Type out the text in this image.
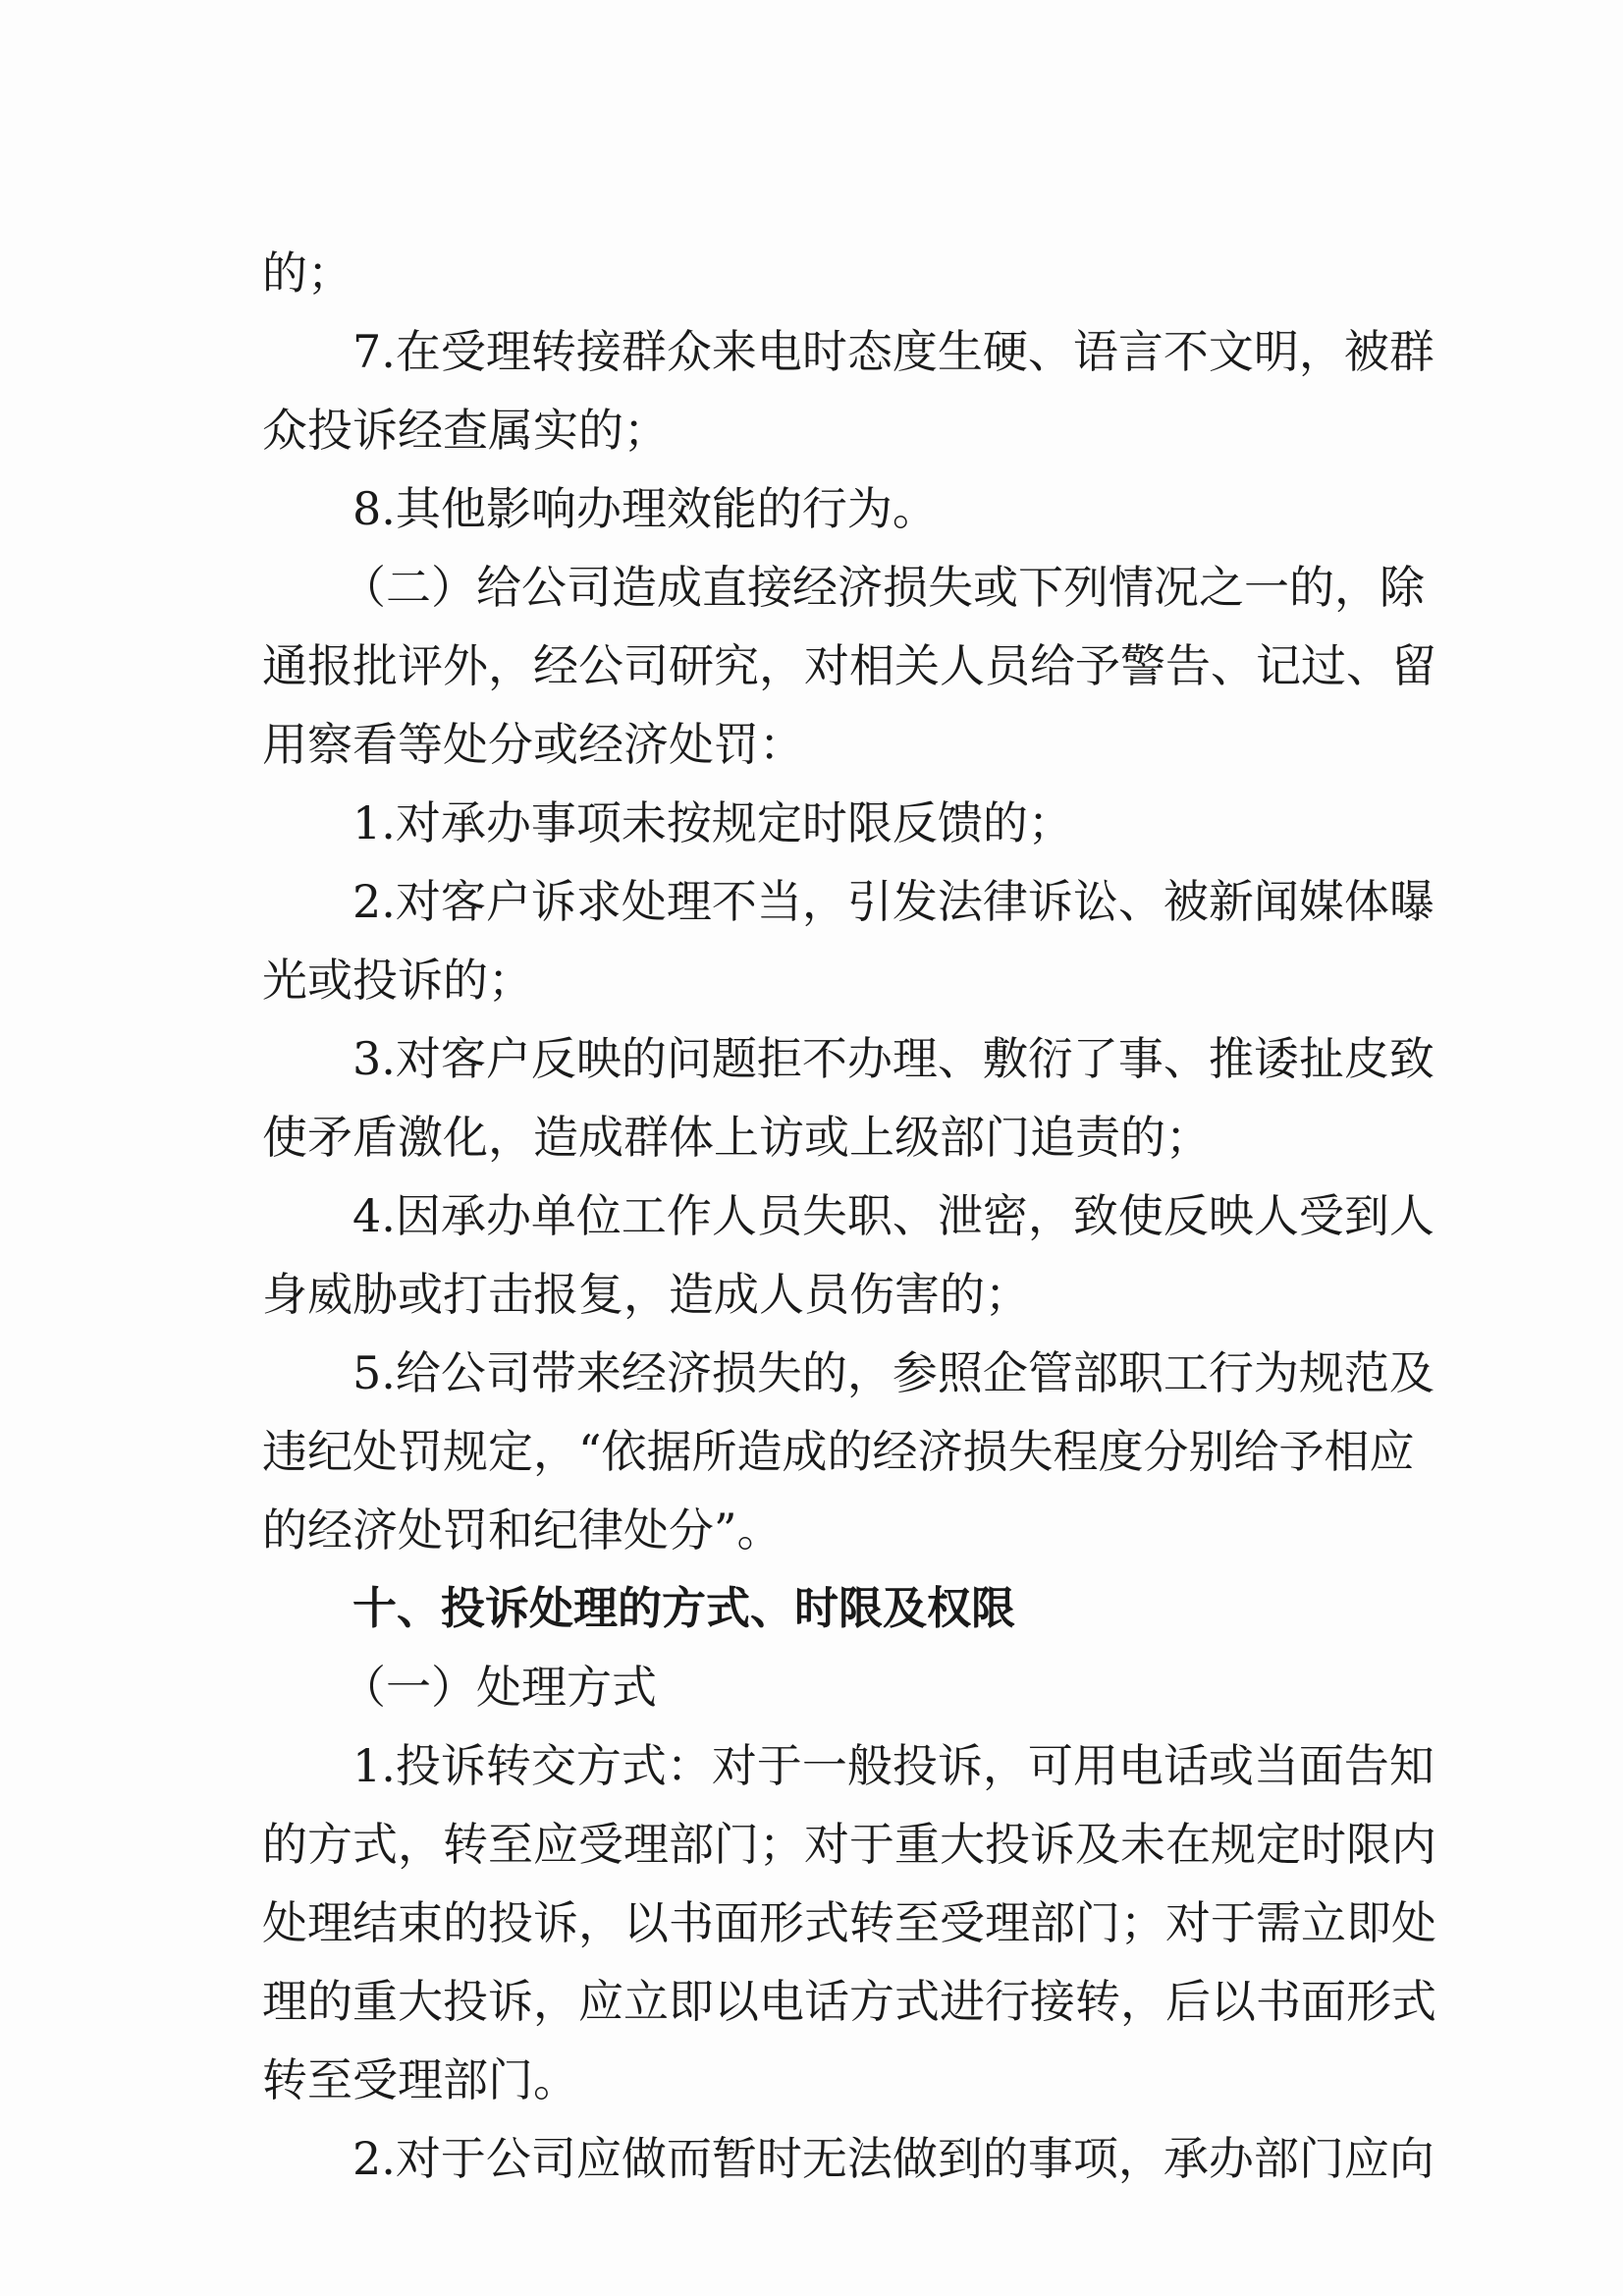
的；

7.在受理转接群众来电时态度生硬、语言不文明，被群

众投诉经查属实的；

8.其他影响办理效能的行为。

（二）给公司造成直接经济损失或下列情况之一的，除

通报批评外，经公司研究，对相关人员给予警告、记过、留

用察看等处分或经济处罚：

1.对承办事项未按规定时限反馈的；

2.对客户诉求处理不当，引发法律诉讼、被新闻媒体曝

光或投诉的；

3.对客户反映的问题拒不办理、敷衍了事、推诿扯皮致

使矛盾激化，造成群体上访或上级部门追责的；

4.因承办单位工作人员失职、泄密，致使反映人受到人

身威胁或打击报复，造成人员伤害的；

5.给公司带来经济损失的，参照企管部职工行为规范及

违纪处罚规定，“依据所造成的经济损失程度分别给予相应

的经济处罚和纪律处分”。

十、投诉处理的方式、时限及权限

（一）处理方式

1.投诉转交方式：对于一般投诉，可用电话或当面告知

的方式，转至应受理部门；对于重大投诉及未在规定时限内

处理结束的投诉，以书面形式转至受理部门；对于需立即处

理的重大投诉，应立即以电话方式进行接转，后以书面形式

转至受理部门。

2.对于公司应做而暂时无法做到的事项，承办部门应向
